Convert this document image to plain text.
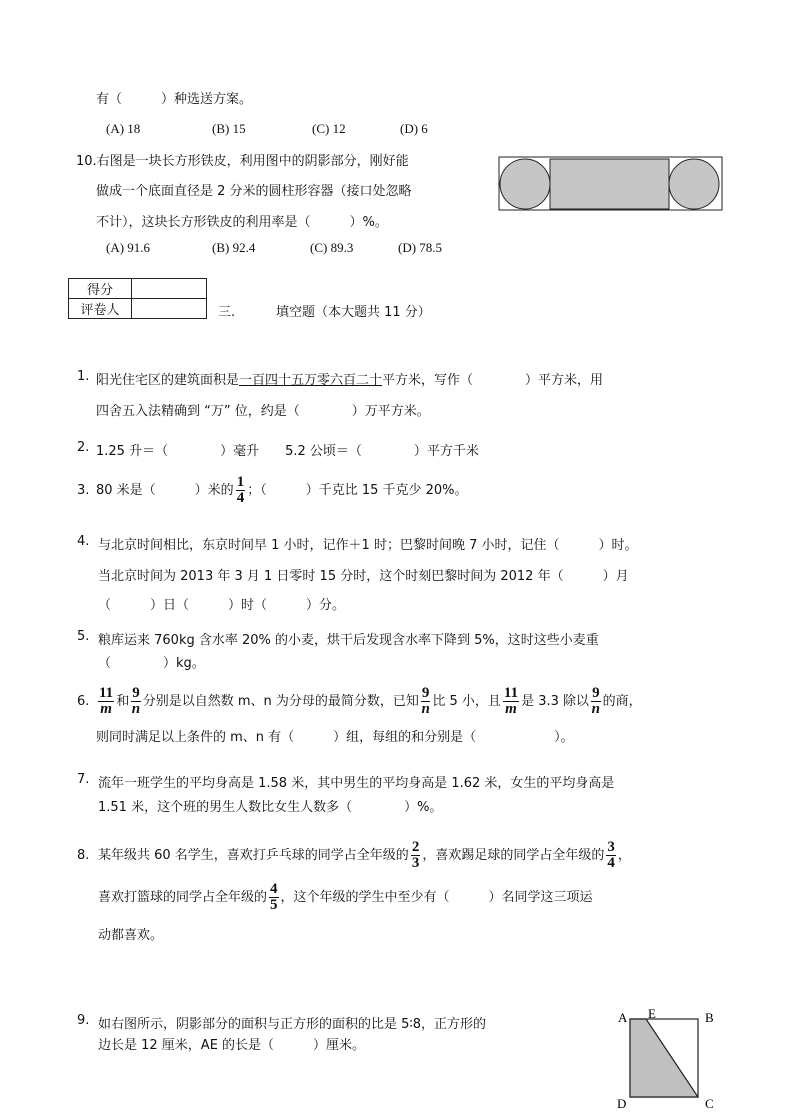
有（　　　）种选送方案。
(A) 18	(B) 15	(C) 12	(D) 6
10.右图是一块长方形铁皮，利用图中的阴影部分，刚好能
做成一个底面直径是 2 分米的圆柱形容器（接口处忽略
不计），这块长方形铁皮的利用率是（　　　）%。
(A) 91.6	(B) 92.4	(C) 89.3	(D) 78.5
得分	
评卷人		三.	填空题（本大题共 11 分）
1. 阳光住宅区的建筑面积是一百四十五万零六百二十平方米，写作（　　　　）平方米，用
四舍五入法精确到 “万” 位，约是（　　　　）万平方米。
2. 1.25 升＝（　　　　）毫升　　5.2 公顷＝（　　　　）平方千米
3. 80 米是（　　　）米的 $\frac{1}{4}$ ；（　　　）千克比 15 千克少 20%。
4. 与北京时间相比，东京时间早 1 小时，记作＋1 时；巴黎时间晚 7 小时，记住（　　　）时。
当北京时间为 2013 年 3 月 1 日零时 15 分时，这个时刻巴黎时间为 2012 年（　　　）月
（　　　）日（　　　）时（　　　）分。
5. 粮库运来 760kg 含水率 20% 的小麦，烘干后发现含水率下降到 5%，这时这些小麦重
（　　　　）kg。
6. $\frac{11}{m}$ 和 $\frac{9}{n}$ 分别是以自然数 m、n 为分母的最简分数，已知 $\frac{9}{n}$ 比 5 小，且 $\frac{11}{m}$ 是 3.3 除以 $\frac{9}{n}$ 的商，
则同时满足以上条件的 m、n 有（　　　）组，每组的和分别是（　　　　　　）。
7. 流年一班学生的平均身高是 1.58 米，其中男生的平均身高是 1.62 米，女生的平均身高是
1.51 米，这个班的男生人数比女生人数多（　　　　）%。
8. 某年级共 60 名学生，喜欢打乒乓球的同学占全年级的 $\frac{2}{3}$ ，喜欢踢足球的同学占全年级的 $\frac{3}{4}$ ，
喜欢打篮球的同学占全年级的 $\frac{4}{5}$ ，这个年级的学生中至少有（　　　）名同学这三项运
动都喜欢。
9. 如右图所示，阴影部分的面积与正方形的面积的比是 5∶8，正方形的
边长是 12 厘米，AE 的长是（　　　）厘米。
A E	B
C
D
